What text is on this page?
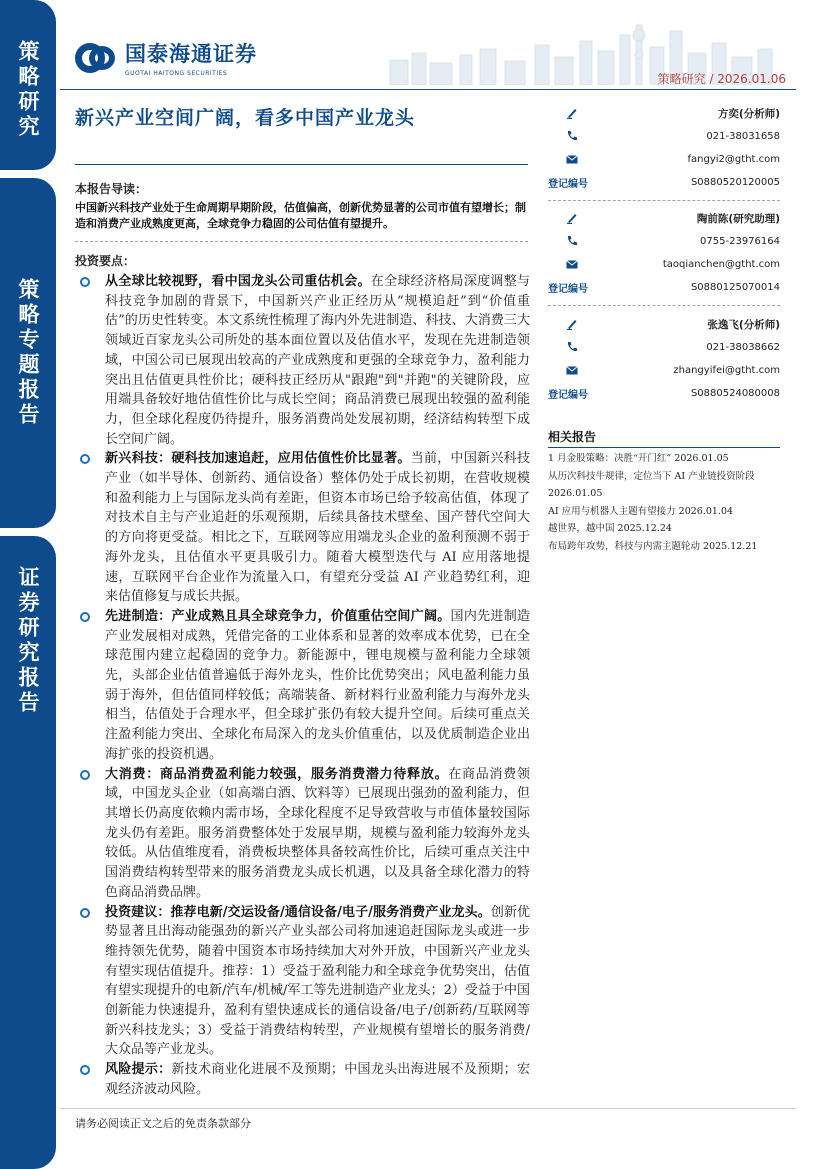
策略研究
策略专题报告
证券研究报告
国泰海通证券
GUOTAI HAITONG SECURITIES	策略研究 / 2026.01.06
新兴产业空间广阔，看多中国产业龙头
本报告导读：
中国新兴科技产业处于生命周期早期阶段，估值偏高，创新优势显著的公司市值有望增长；制造和消费产业成熟度更高，全球竞争力稳固的公司估值有望提升。
投资要点：
从全球比较视野，看中国龙头公司重估机会。在全球经济格局深度调整与科技竞争加剧的背景下，中国新兴产业正经历从“规模追赶”到“价值重估”的历史性转变。本文系统性梳理了海内外先进制造、科技、大消费三大领域近百家龙头公司所处的基本面位置以及估值水平，发现在先进制造领域，中国公司已展现出较高的产业成熟度和更强的全球竞争力，盈利能力突出且估值更具性价比；硬科技正经历从"跟跑"到"并跑"的关键阶段，应用端具备较好地估值性价比与成长空间；商品消费已展现出较强的盈利能力，但全球化程度仍待提升，服务消费尚处发展初期，经济结构转型下成长空间广阔。
新兴科技：硬科技加速追赶，应用估值性价比显著。当前，中国新兴科技产业（如半导体、创新药、通信设备）整体仍处于成长初期，在营收规模和盈利能力上与国际龙头尚有差距，但资本市场已给予较高估值，体现了对技术自主与产业追赶的乐观预期，后续具备技术壁垒、国产替代空间大的方向将更受益。相比之下，互联网等应用端龙头企业的盈利预测不弱于海外龙头，且估值水平更具吸引力。随着大模型迭代与 AI 应用落地提速，互联网平台企业作为流量入口，有望充分受益 AI 产业趋势红利，迎来估值修复与成长共振。
先进制造：产业成熟且具全球竞争力，价值重估空间广阔。国内先进制造产业发展相对成熟，凭借完备的工业体系和显著的效率成本优势，已在全球范围内建立起稳固的竞争力。新能源中，锂电规模与盈利能力全球领先，头部企业估值普遍低于海外龙头，性价比优势突出；风电盈利能力虽弱于海外，但估值同样较低；高端装备、新材料行业盈利能力与海外龙头相当，估值处于合理水平，但全球扩张仍有较大提升空间。后续可重点关注盈利能力突出、全球化布局深入的龙头价值重估，以及优质制造企业出海扩张的投资机遇。
大消费：商品消费盈利能力较强，服务消费潜力待释放。在商品消费领域，中国龙头企业（如高端白酒、饮料等）已展现出强劲的盈利能力，但其增长仍高度依赖内需市场，全球化程度不足导致营收与市值体量较国际龙头仍有差距。服务消费整体处于发展早期，规模与盈利能力较海外龙头较低。从估值维度看，消费板块整体具备较高性价比，后续可重点关注中国消费结构转型带来的服务消费龙头成长机遇，以及具备全球化潜力的特色商品消费品牌。
投资建议：推荐电新/交运设备/通信设备/电子/服务消费产业龙头。创新优势显著且出海动能强劲的新兴产业头部公司将加速追赶国际龙头或进一步维持领先优势，随着中国资本市场持续加大对外开放，中国新兴产业龙头有望实现估值提升。推荐：1）受益于盈利能力和全球竞争优势突出，估值有望实现提升的电新/汽车/机械/军工等先进制造产业龙头；2）受益于中国创新能力快速提升，盈利有望快速成长的通信设备/电子/创新药/互联网等新兴科技龙头；3）受益于消费结构转型，产业规模有望增长的服务消费/大众品等产业龙头。
风险提示：新技术商业化进展不及预期；中国龙头出海进展不及预期；宏观经济波动风险。
方奕(分析师)
021-38031658
fangyi2@gtht.com
登记编号	S0880520120005
陶前陈(研究助理)
0755-23976164
taoqianchen@gtht.com
登记编号	S0880125070014
张逸飞(分析师)
021-38038662
zhangyifei@gtht.com
登记编号	S0880524080008
相关报告
1 月金股策略：决胜“开门红” 2026.01.05
从历次科技牛规律，定位当下 AI 产业链投资阶段 2026.01.05
AI 应用与机器人主题有望接力 2026.01.04
越世界，越中国 2025.12.24
布局跨年攻势，科技与内需主题轮动 2025.12.21
请务必阅读正文之后的免责条款部分
